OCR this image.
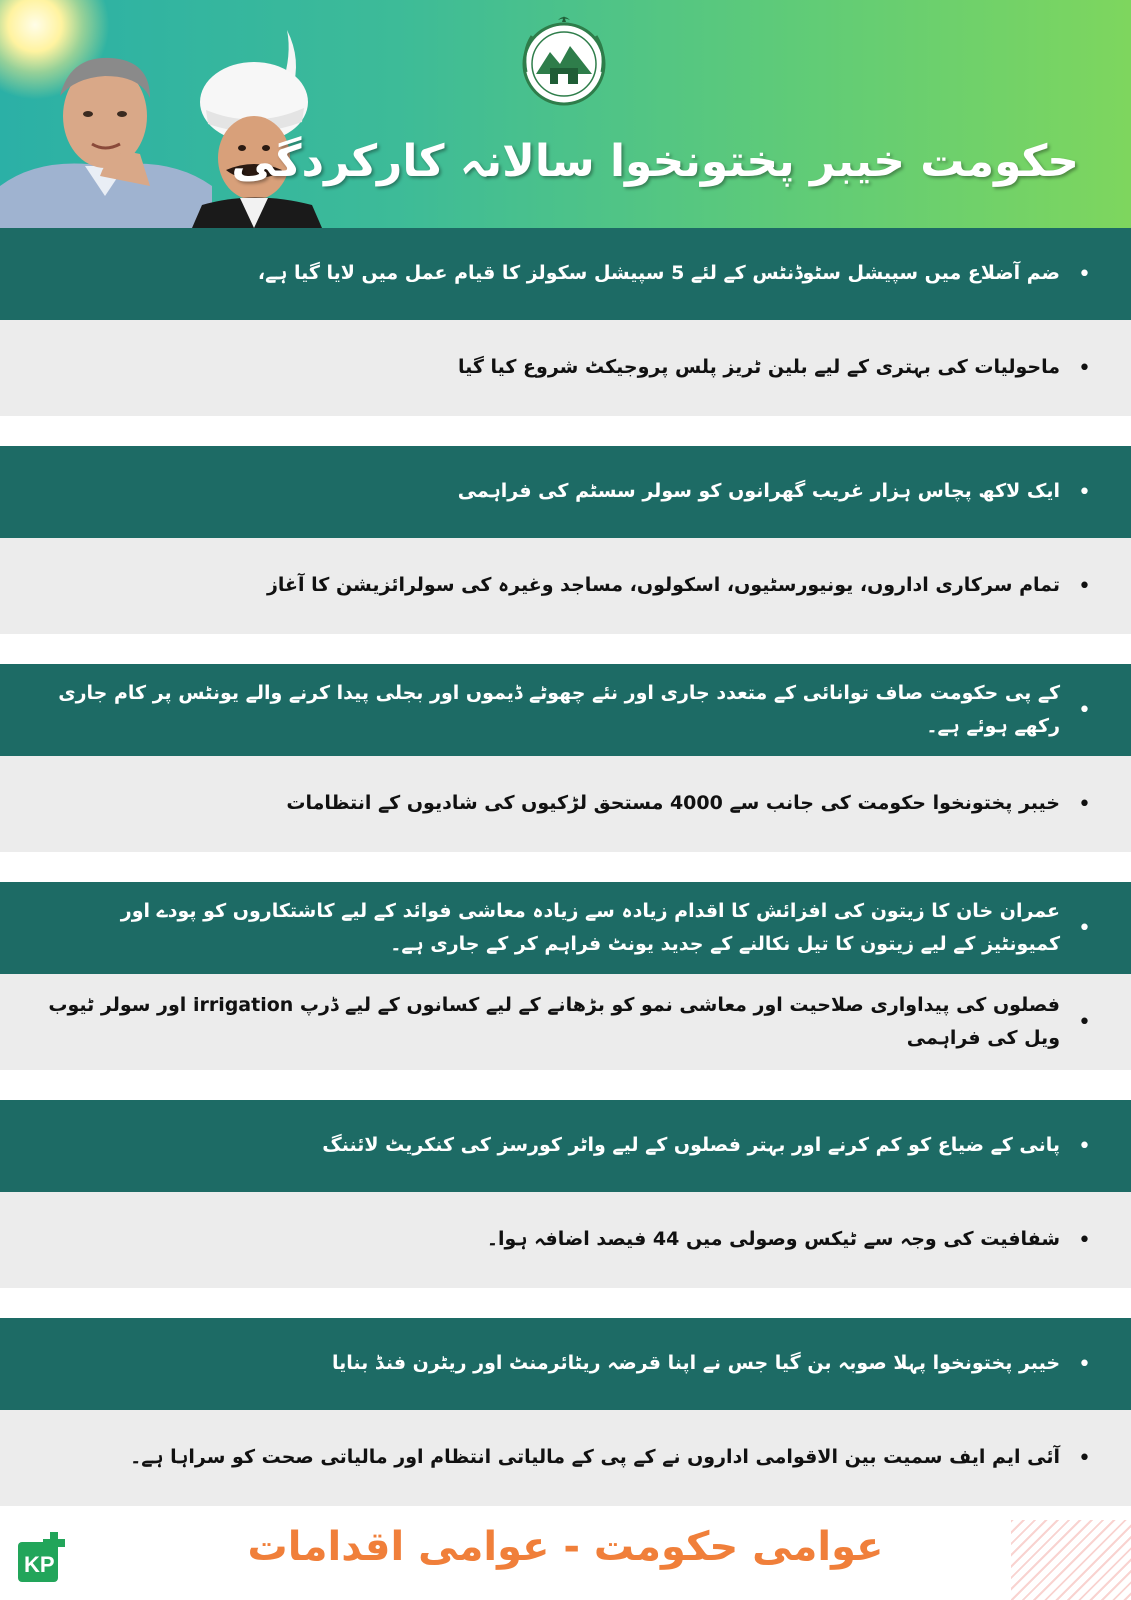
حکومت خیبر پختونخوا سالانہ کارکردگی
•
ضم آضلاع میں سپیشل سٹوڈنٹس کے لئے 5 سپیشل سکولز کا قیام عمل میں لایا گیا ہے،
•
ماحولیات کی بہتری کے لیے بلین ٹریز پلس پروجیکٹ شروع کیا گیا
•
ایک لاکھ پچاس ہزار غریب گھرانوں کو سولر سسٹم کی فراہمی
•
تمام سرکاری اداروں، یونیورسٹیوں، اسکولوں، مساجد وغیرہ کی سولرائزیشن کا آغاز
•
کے پی حکومت صاف توانائی کے متعدد جاری اور نئے چھوٹے ڈیموں اور بجلی پیدا کرنے والے یونٹس پر کام جاری رکھے ہوئے ہے۔
•
خیبر پختونخوا حکومت کی جانب سے 4000 مستحق لڑکیوں کی شادیوں کے انتظامات
•
عمران خان کا زیتون کی افزائش کا اقدام زیادہ سے زیادہ معاشی فوائد کے لیے کاشتکاروں کو پودے اور کمیونٹیز کے لیے زیتون کا تیل نکالنے کے جدید یونٹ فراہم کر کے جاری ہے۔
•
فصلوں کی پیداواری صلاحیت اور معاشی نمو کو بڑھانے کے لیے کسانوں کے لیے ڈرپ irrigation اور سولر ٹیوب ویل کی فراہمی
•
پانی کے ضیاع کو کم کرنے اور بہتر فصلوں کے لیے واٹر کورسز کی کنکریٹ لائننگ
•
شفافیت کی وجہ سے ٹیکس وصولی میں 44 فیصد اضافہ ہوا۔
•
خیبر پختونخوا پہلا صوبہ بن گیا جس نے اپنا قرضہ ریٹائرمنٹ اور ریٹرن فنڈ بنایا
•
آئی ایم ایف سمیت بین الاقوامی اداروں نے کے پی کے مالیاتی انتظام اور مالیاتی صحت کو سراہا ہے۔
KP	عوامی حکومت - عوامی اقدامات
